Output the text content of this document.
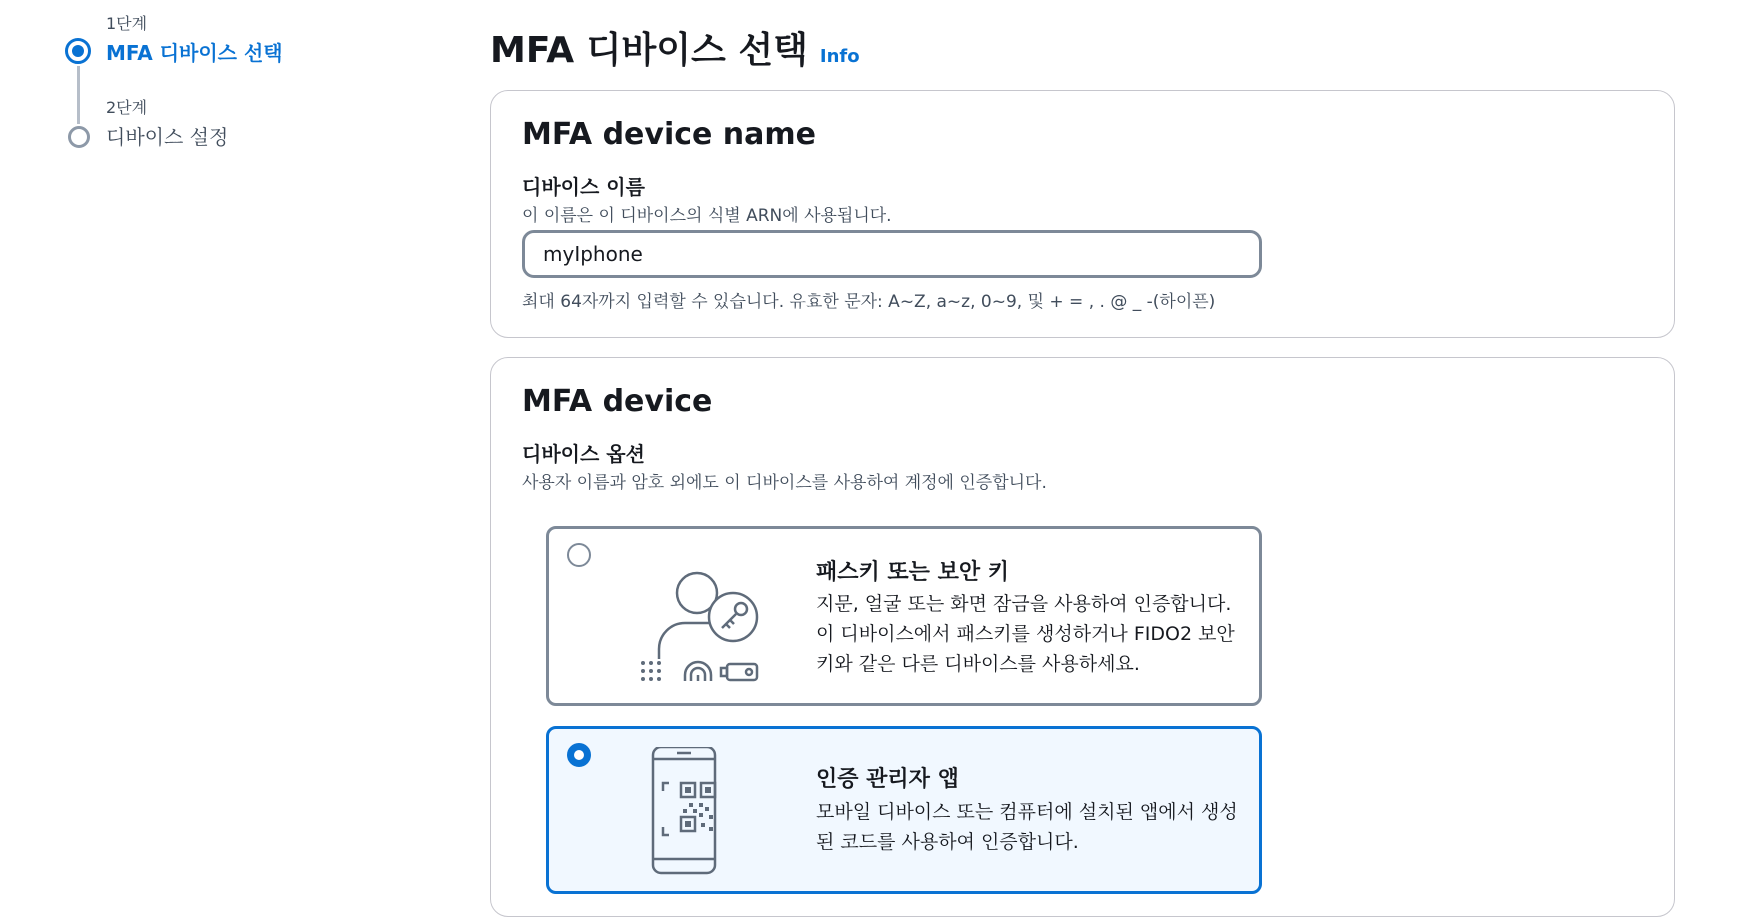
1단계
MFA 디바이스 선택
2단계
디바이스 설정
MFA 디바이스 선택 Info
MFA device name
디바이스 이름
이 이름은 이 디바이스의 식별 ARN에 사용됩니다.
myIphone
최대 64자까지 입력할 수 있습니다. 유효한 문자: A~Z, a~z, 0~9, 및 + = , . @ _ -(하이픈)
MFA device
디바이스 옵션
사용자 이름과 암호 외에도 이 디바이스를 사용하여 계정에 인증합니다.
패스키 또는 보안 키
지문, 얼굴 또는 화면 잠금을 사용하여 인증합니다. 이 디바이스에서 패스키를 생성하거나 FIDO2 보안 키와 같은 다른 디바이스를 사용하세요.
인증 관리자 앱
모바일 디바이스 또는 컴퓨터에 설치된 앱에서 생성된 코드를 사용하여 인증합니다.
